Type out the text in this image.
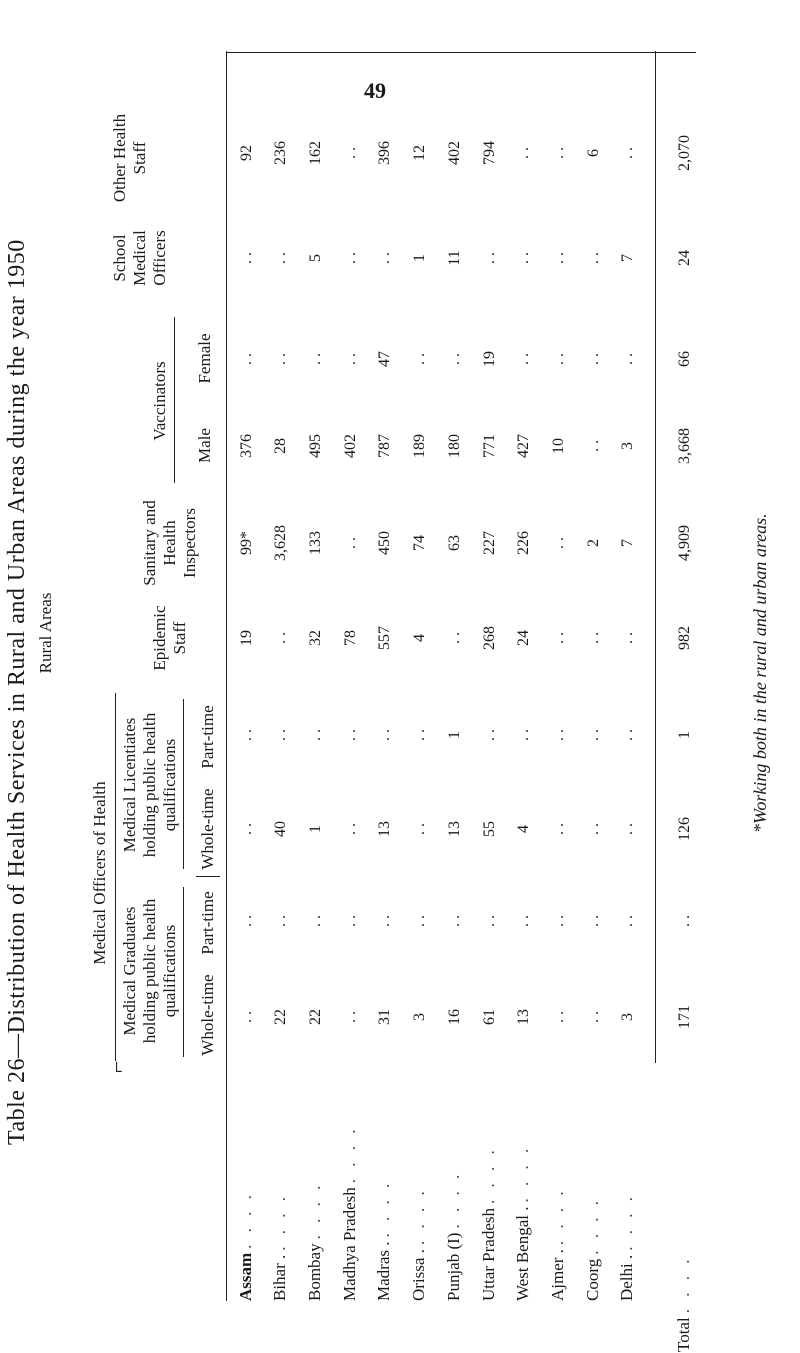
49
Table 26—Distribution of Health Services in Rural and Urban Areas during the year 1950 Rural Areas
Medical Officers of Health
⌐
Medical Graduates holding public health qualifications
Medical Licentiates holding public health qualifications
Whole-time
Part-time
Whole-time
Part-time
Epidemic Staff
Sanitary and Health Inspectors
Vaccinators
Male
Female
School Medical Officers
Other Health Staff
Assam. . . .
. .
. .
. .
. .
19
99*
376
. .
. .
92
Bihar .. . . .
22
. .
40
. .
. .
3,628
28
. .
. .
236
Bombay. . . .
22
. .
1
. .
32
133
495
. .
5
162
Madhya Pradesh. . . .
. .
. .
. .
. .
78
. .
402
. .
. .
. .
Madras .. . . .
31
. .
13
. .
557
450
787
47
. .
396
Orissa .. . . .
3
. .
. .
. .
4
74
189
. .
1
12
Punjab (I). . . .
16
. .
13
1
. .
63
180
. .
11
402
Uttar Pradesh. . . .
61
. .
55
. .
268
227
771
19
. .
794
West Bengal .. . . .
13
. .
4
. .
24
226
427
. .
. .
. .
Ajmer .. . . .
. .
. .
. .
. .
. .
. .
10
. .
. .
. .
Coorg. . . .
. .
. .
. .
. .
. .
2
. .
. .
. .
6
Delhi .. . . .
3
. .
. .
. .
. .
7
3
. .
7
. .
Total. . . .
171
. .
126
1
982
4,909
3,668
66
24
2,070
*Working both in the rural and urban areas.
